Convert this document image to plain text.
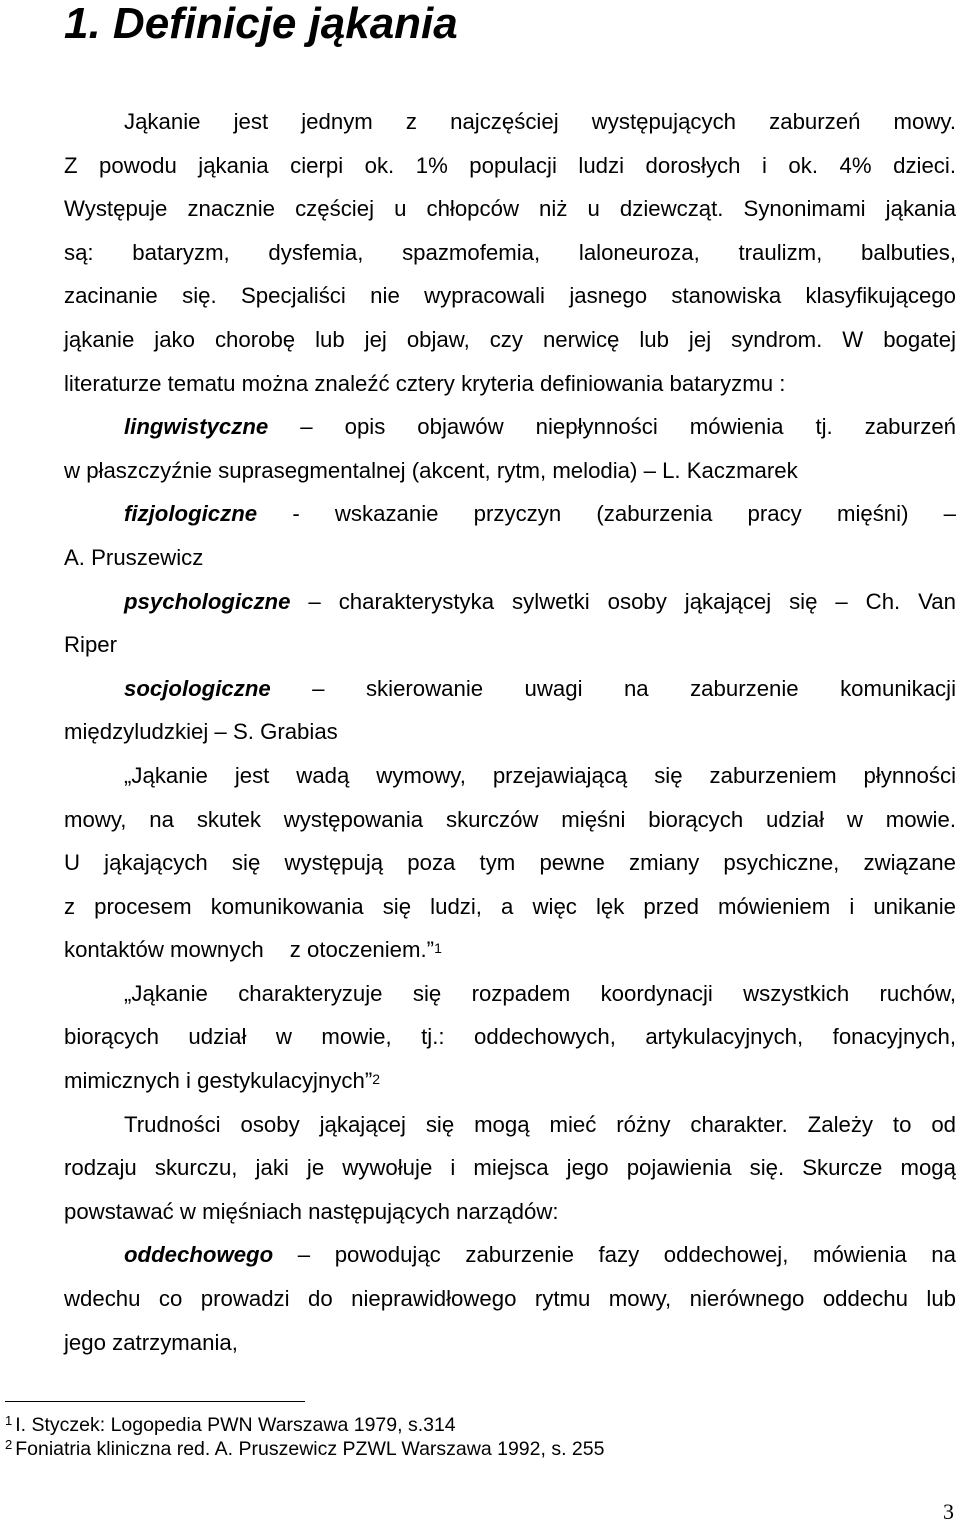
1. Definicje jąkania
Jąkanie jest jednym z najczęściej występujących zaburzeń mowy.
Z powodu jąkania cierpi ok. 1% populacji ludzi dorosłych i ok. 4% dzieci.
Występuje znacznie częściej u chłopców niż u dziewcząt. Synonimami jąkania
są: bataryzm, dysfemia, spazmofemia, laloneuroza, traulizm, balbuties,
zacinanie się. Specjaliści nie wypracowali jasnego stanowiska klasyfikującego
jąkanie jako chorobę lub jej objaw, czy nerwicę lub jej syndrom. W bogatej
literaturze tematu można znaleźć cztery kryteria definiowania bataryzmu :
lingwistyczne – opis objawów niepłynności mówienia tj. zaburzeń
w płaszczyźnie suprasegmentalnej (akcent, rytm, melodia) – L. Kaczmarek
fizjologiczne - wskazanie przyczyn (zaburzenia pracy mięśni) –
A. Pruszewicz
psychologiczne – charakterystyka sylwetki osoby jąkającej się – Ch. Van
Riper
socjologiczne – skierowanie uwagi na zaburzenie komunikacji
międzyludzkiej – S. Grabias
„Jąkanie jest wadą wymowy, przejawiającą się zaburzeniem płynności
mowy, na skutek występowania skurczów mięśni biorących udział w mowie.
U jąkających się występują poza tym pewne zmiany psychiczne, związane
z procesem komunikowania się ludzi, a więc lęk przed mówieniem i unikanie
kontaktów mownych z otoczeniem.”$^1$
„Jąkanie charakteryzuje się rozpadem koordynacji wszystkich ruchów,
biorących udział w mowie, tj.: oddechowych, artykulacyjnych, fonacyjnych,
mimicznych i gestykulacyjnych”$^2$
Trudności osoby jąkającej się mogą mieć różny charakter. Zależy to od
rodzaju skurczu, jaki je wywołuje i miejsca jego pojawienia się. Skurcze mogą
powstawać w mięśniach następujących narządów:
oddechowego – powodując zaburzenie fazy oddechowej, mówienia na
wdechu co prowadzi do nieprawidłowego rytmu mowy, nierównego oddechu lub
jego zatrzymania,
$^1$ I. Styczek: Logopedia PWN Warszawa 1979, s.314
$^2$ Foniatria kliniczna red. A. Pruszewicz PZWL Warszawa 1992, s. 255
3
